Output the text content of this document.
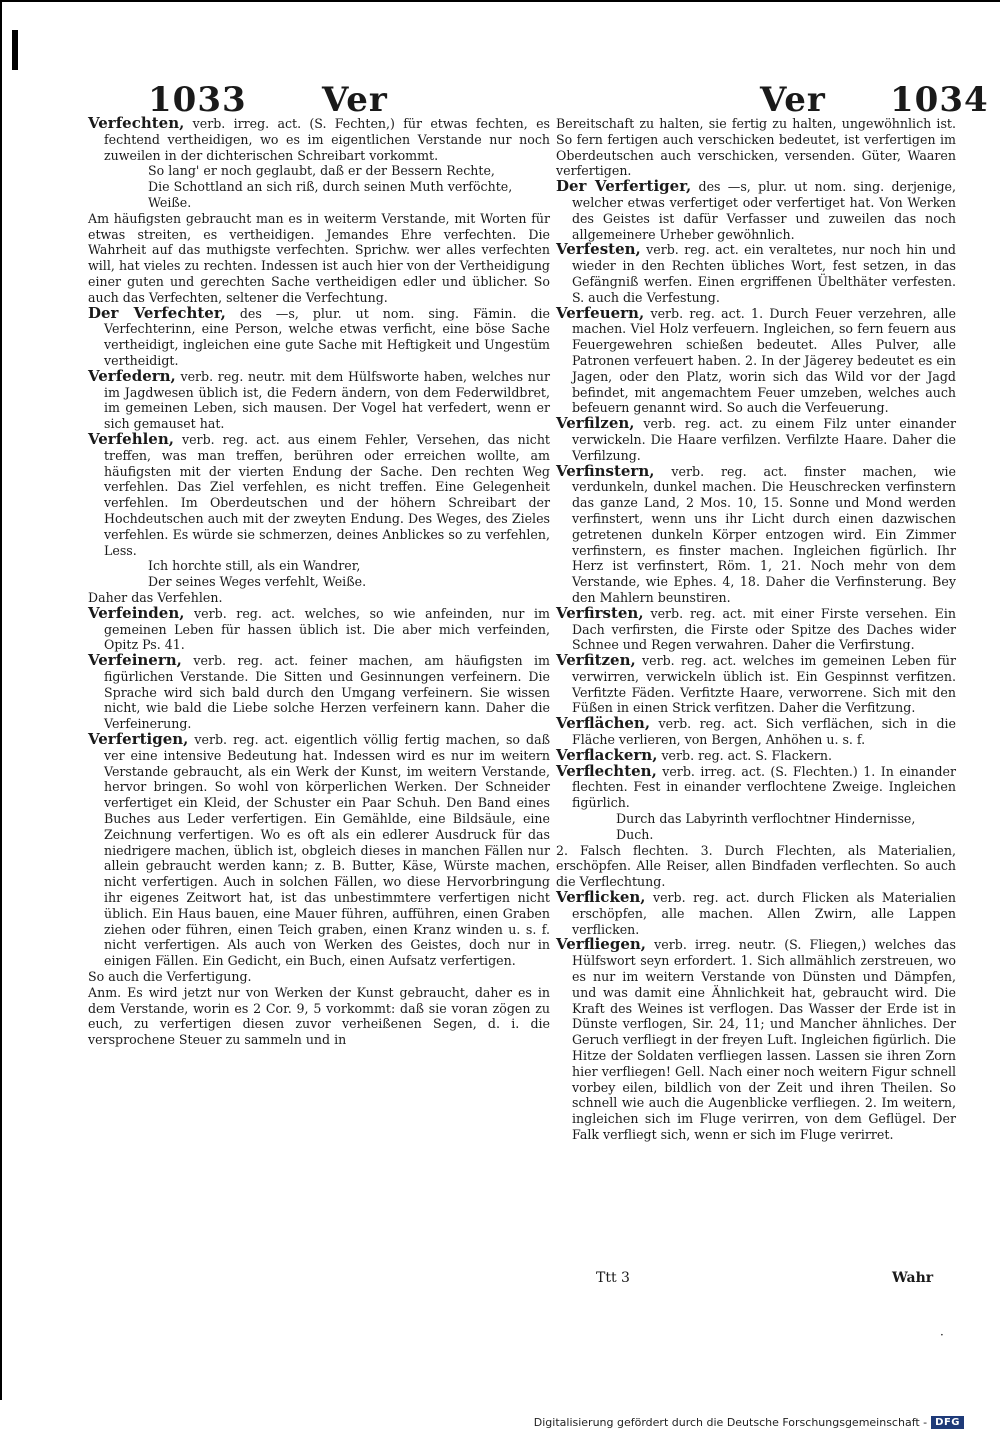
1033 Ver	Ver 1034

Verfechten, verb. irreg. act. (S. Fechten,) für etwas fechten, es fechtend vertheidigen, wo es im eigentlichen Verstande nur noch zuweilen in der dichterischen Schreibart vorkommt.

So lang' er noch geglaubt, daß er der Bessern Rechte,

Die Schottland an sich riß, durch seinen Muth verföchte,

Weiße.

Am häufigsten gebraucht man es in weiterm Verstande, mit Worten für etwas streiten, es vertheidigen. Jemandes Ehre verfechten. Die Wahrheit auf das muthigste verfechten. Sprichw. wer alles verfechten will, hat vieles zu rechten. Indessen ist auch hier von der Vertheidigung einer guten und gerechten Sache vertheidigen edler und üblicher. So auch das Verfechten, seltener die Verfechtung.

Der Verfechter, des —s, plur. ut nom. sing. Fämin. die Verfechterinn, eine Person, welche etwas verficht, eine böse Sache vertheidigt, ingleichen eine gute Sache mit Heftigkeit und Ungestüm vertheidigt.

Verfedern, verb. reg. neutr. mit dem Hülfsworte haben, welches nur im Jagdwesen üblich ist, die Federn ändern, von dem Federwildbret, im gemeinen Leben, sich mausen. Der Vogel hat verfedert, wenn er sich gemauset hat.

Verfehlen, verb. reg. act. aus einem Fehler, Versehen, das nicht treffen, was man treffen, berühren oder erreichen wollte, am häufigsten mit der vierten Endung der Sache. Den rechten Weg verfehlen. Das Ziel verfehlen, es nicht treffen. Eine Gelegenheit verfehlen. Im Oberdeutschen und der höhern Schreibart der Hochdeutschen auch mit der zweyten Endung. Des Weges, des Zieles verfehlen. Es würde sie schmerzen, deines Anblickes so zu verfehlen, Less.

Ich horchte still, als ein Wandrer,

Der seines Weges verfehlt, Weiße.

Daher das Verfehlen.

Verfeinden, verb. reg. act. welches, so wie anfeinden, nur im gemeinen Leben für hassen üblich ist. Die aber mich verfeinden, Opitz Ps. 41.

Verfeinern, verb. reg. act. feiner machen, am häufigsten im figürlichen Verstande. Die Sitten und Gesinnungen verfeinern. Die Sprache wird sich bald durch den Umgang verfeinern. Sie wissen nicht, wie bald die Liebe solche Herzen verfeinern kann. Daher die Verfeinerung.

Verfertigen, verb. reg. act. eigentlich völlig fertig machen, so daß ver eine intensive Bedeutung hat. Indessen wird es nur im weitern Verstande gebraucht, als ein Werk der Kunst, im weitern Verstande, hervor bringen. So wohl von körperlichen Werken. Der Schneider verfertiget ein Kleid, der Schuster ein Paar Schuh. Den Band eines Buches aus Leder verfertigen. Ein Gemählde, eine Bildsäule, eine Zeichnung verfertigen. Wo es oft als ein edlerer Ausdruck für das niedrigere machen, üblich ist, obgleich dieses in manchen Fällen nur allein gebraucht werden kann; z. B. Butter, Käse, Würste machen, nicht verfertigen. Auch in solchen Fällen, wo diese Hervorbringung ihr eigenes Zeitwort hat, ist das unbestimmtere verfertigen nicht üblich. Ein Haus bauen, eine Mauer führen, aufführen, einen Graben ziehen oder führen, einen Teich graben, einen Kranz winden u. s. f. nicht verfertigen. Als auch von Werken des Geistes, doch nur in einigen Fällen. Ein Gedicht, ein Buch, einen Aufsatz verfertigen.

So auch die Verfertigung.

Anm. Es wird jetzt nur von Werken der Kunst gebraucht, daher es in dem Verstande, worin es 2 Cor. 9, 5 vorkommt: daß sie voran zögen zu euch, zu verfertigen diesen zuvor verheißenen Segen, d. i. die versprochene Steuer zu sammeln und in

Bereitschaft zu halten, sie fertig zu halten, ungewöhnlich ist. So fern fertigen auch verschicken bedeutet, ist verfertigen im Oberdeutschen auch verschicken, versenden. Güter, Waaren verfertigen.

Der Verfertiger, des —s, plur. ut nom. sing. derjenige, welcher etwas verfertiget oder verfertiget hat. Von Werken des Geistes ist dafür Verfasser und zuweilen das noch allgemeinere Urheber gewöhnlich.

Verfesten, verb. reg. act. ein veraltetes, nur noch hin und wieder in den Rechten übliches Wort, fest setzen, in das Gefängniß werfen. Einen ergriffenen Übelthäter verfesten. S. auch die Verfestung.

Verfeuern, verb. reg. act. 1. Durch Feuer verzehren, alle machen. Viel Holz verfeuern. Ingleichen, so fern feuern aus Feuergewehren schießen bedeutet. Alles Pulver, alle Patronen verfeuert haben. 2. In der Jägerey bedeutet es ein Jagen, oder den Platz, worin sich das Wild vor der Jagd befindet, mit angemachtem Feuer umzeben, welches auch befeuern genannt wird. So auch die Verfeuerung.

Verfilzen, verb. reg. act. zu einem Filz unter einander verwickeln. Die Haare verfilzen. Verfilzte Haare. Daher die Verfilzung.

Verfinstern, verb. reg. act. finster machen, wie verdunkeln, dunkel machen. Die Heuschrecken verfinstern das ganze Land, 2 Mos. 10, 15. Sonne und Mond werden verfinstert, wenn uns ihr Licht durch einen dazwischen getretenen dunkeln Körper entzogen wird. Ein Zimmer verfinstern, es finster machen. Ingleichen figürlich. Ihr Herz ist verfinstert, Röm. 1, 21. Noch mehr von dem Verstande, wie Ephes. 4, 18. Daher die Verfinsterung. Bey den Mahlern beunstiren.

Verfirsten, verb. reg. act. mit einer Firste versehen. Ein Dach verfirsten, die Firste oder Spitze des Daches wider Schnee und Regen verwahren. Daher die Verfirstung.

Verfitzen, verb. reg. act. welches im gemeinen Leben für verwirren, verwickeln üblich ist. Ein Gespinnst verfitzen. Verfitzte Fäden. Verfitzte Haare, verworrene. Sich mit den Füßen in einen Strick verfitzen. Daher die Verfitzung.

Verflächen, verb. reg. act. Sich verflächen, sich in die Fläche verlieren, von Bergen, Anhöhen u. s. f.

Verflackern, verb. reg. act. S. Flackern.

Verflechten, verb. irreg. act. (S. Flechten.) 1. In einander flechten. Fest in einander verflochtene Zweige. Ingleichen figürlich.

Durch das Labyrinth verflochtner Hindernisse, Duch.

2. Falsch flechten. 3. Durch Flechten, als Materialien, erschöpfen. Alle Reiser, allen Bindfaden verflechten. So auch die Verflechtung.

Verflicken, verb. reg. act. durch Flicken als Materialien erschöpfen, alle machen. Allen Zwirn, alle Lappen verflicken.

Verfliegen, verb. irreg. neutr. (S. Fliegen,) welches das Hülfswort seyn erfordert. 1. Sich allmählich zerstreuen, wo es nur im weitern Verstande von Dünsten und Dämpfen, und was damit eine Ähnlichkeit hat, gebraucht wird. Die Kraft des Weines ist verflogen. Das Wasser der Erde ist in Dünste verflogen, Sir. 24, 11; und Mancher ähnliches. Der Geruch verfliegt in der freyen Luft. Ingleichen figürlich. Die Hitze der Soldaten verfliegen lassen. Lassen sie ihren Zorn hier verfliegen! Gell. Nach einer noch weitern Figur schnell vorbey eilen, bildlich von der Zeit und ihren Theilen. So schnell wie auch die Augenblicke verfliegen. 2. Im weitern, ingleichen sich im Fluge verirren, von dem Geflügel. Der Falk verfliegt sich, wenn er sich im Fluge verirret.

Ttt 3	Wahr
·
Digitalisierung gefördert durch die Deutsche Forschungsgemeinschaft - DFG
